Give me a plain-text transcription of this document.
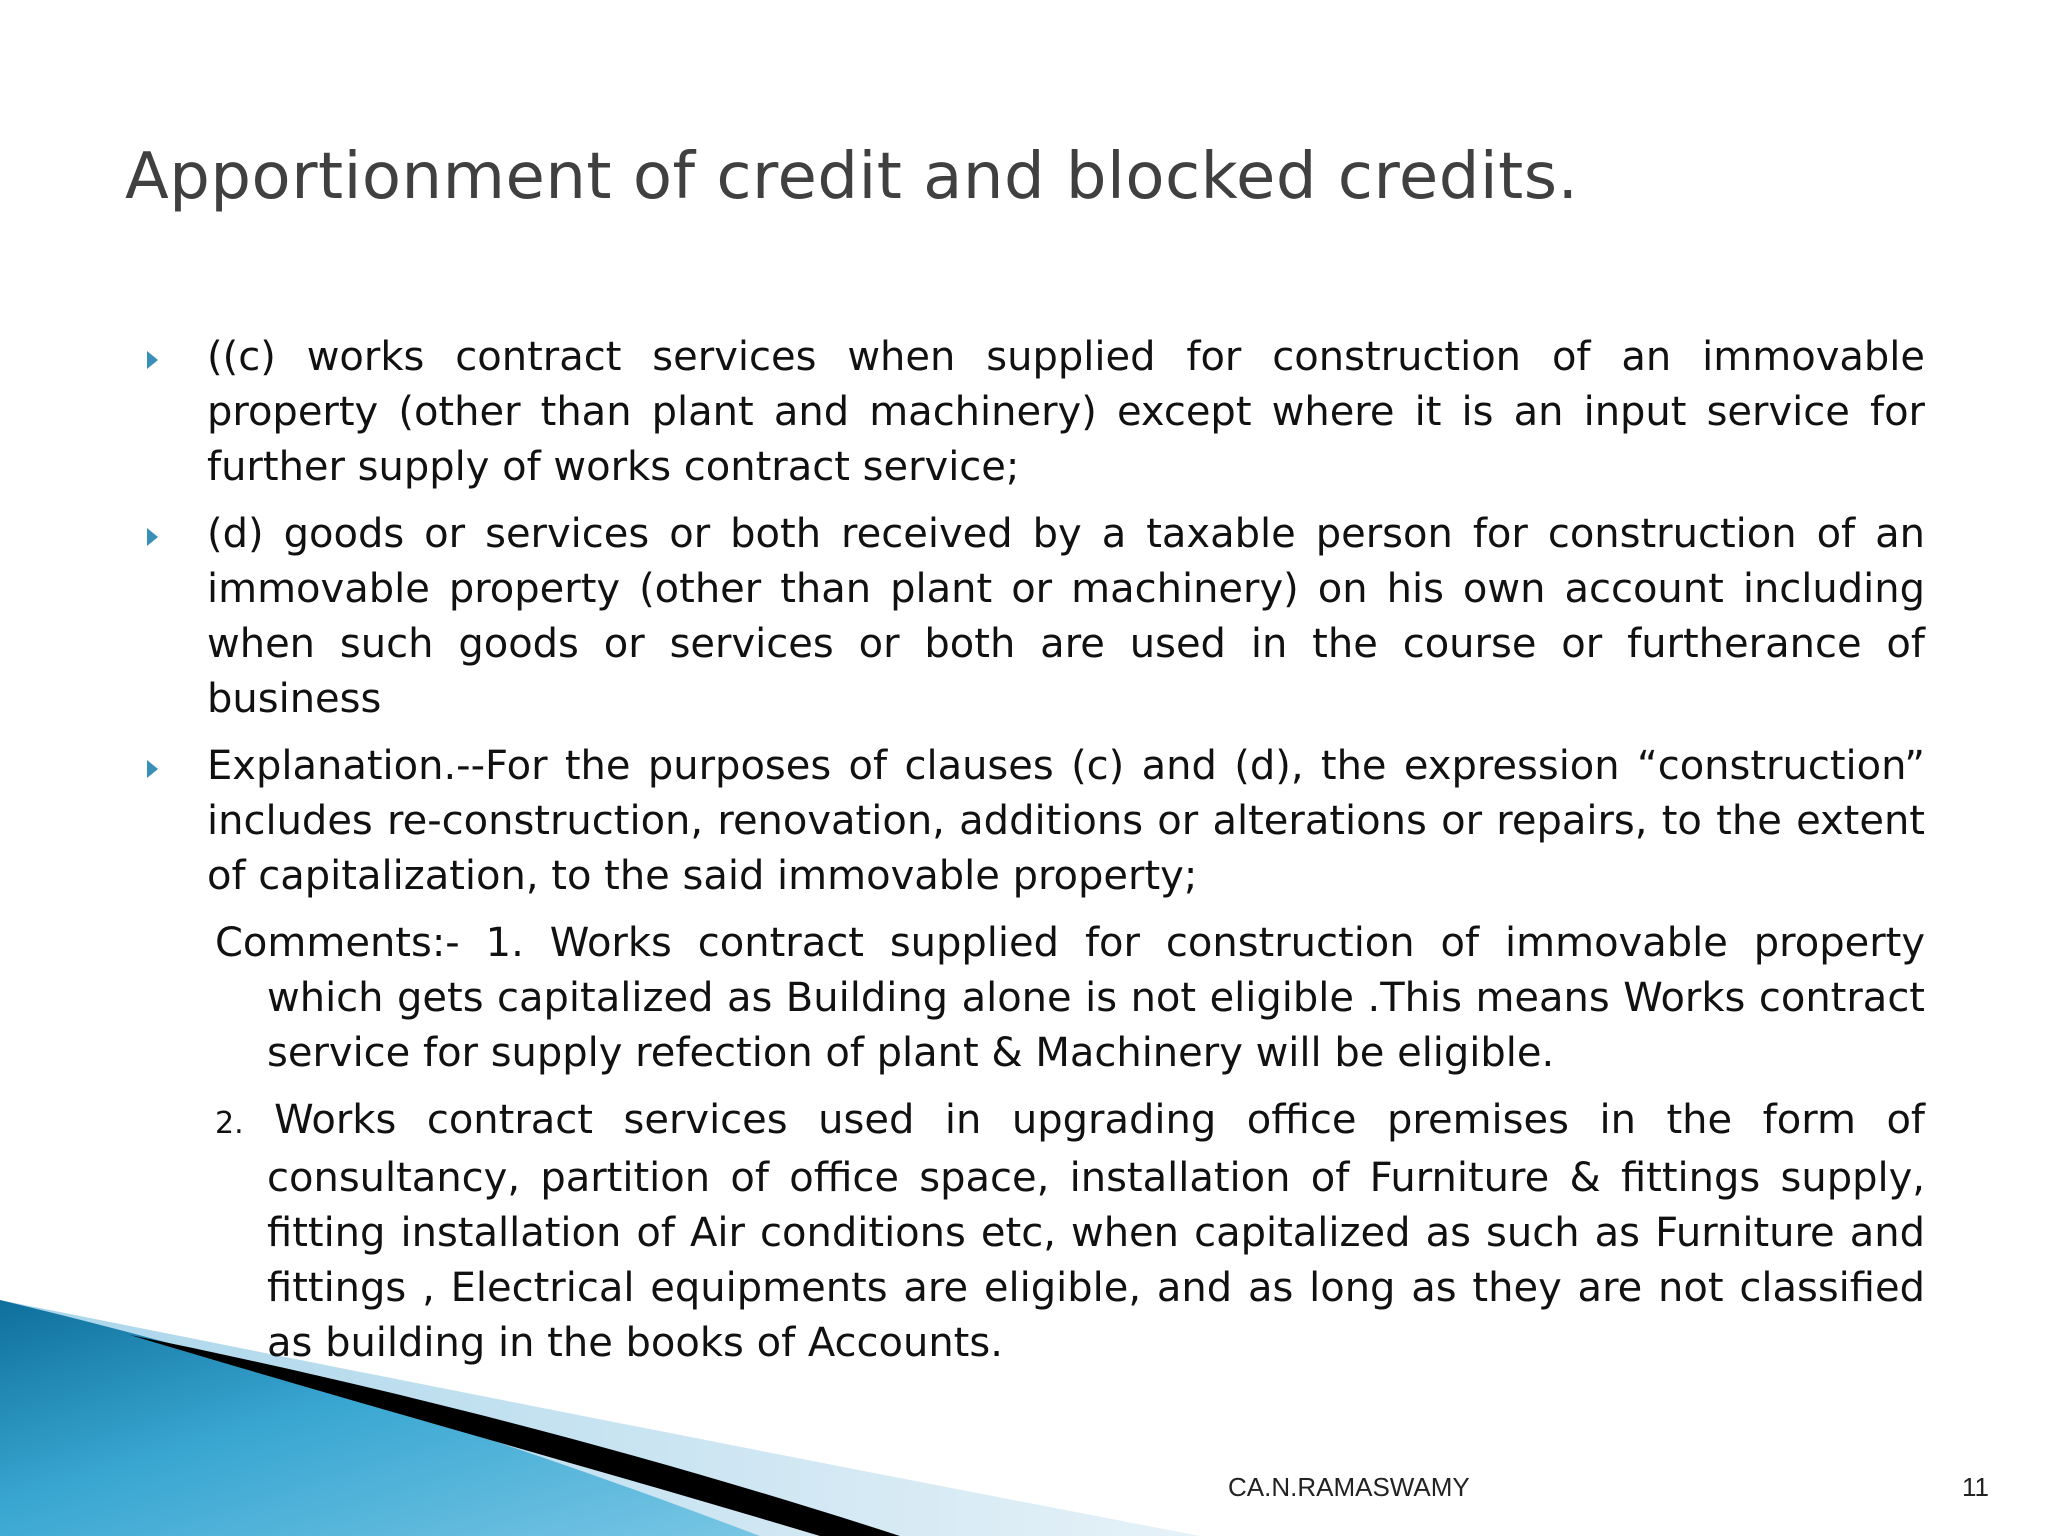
Apportionment of credit and blocked credits.
((c) works contract services when supplied for construction of an immovable property (other than plant and machinery) except where it is an input service for further supply of works contract service;
(d) goods or services or both received by a taxable person for construction of an immovable property (other than plant or machinery) on his own account including when such goods or services or both are used in the course or furtherance of business
Explanation.--For the purposes of clauses (c) and (d), the expression “construction” includes re-construction, renovation, additions or alterations or repairs, to the extent of capitalization, to the said immovable property;
Comments:- 1. Works contract supplied for construction of immovable property which gets capitalized as Building alone is not eligible .This means Works contract service for supply refection of plant & Machinery will be eligible.
2. Works contract services used in upgrading office premises in the form of consultancy, partition of office space, installation of Furniture & fittings supply, fitting installation of Air conditions etc, when capitalized as such as Furniture and fittings , Electrical equipments are eligible, and as long as they are not classified as building in the books of Accounts.
CA.N.RAMASWAMY	11
